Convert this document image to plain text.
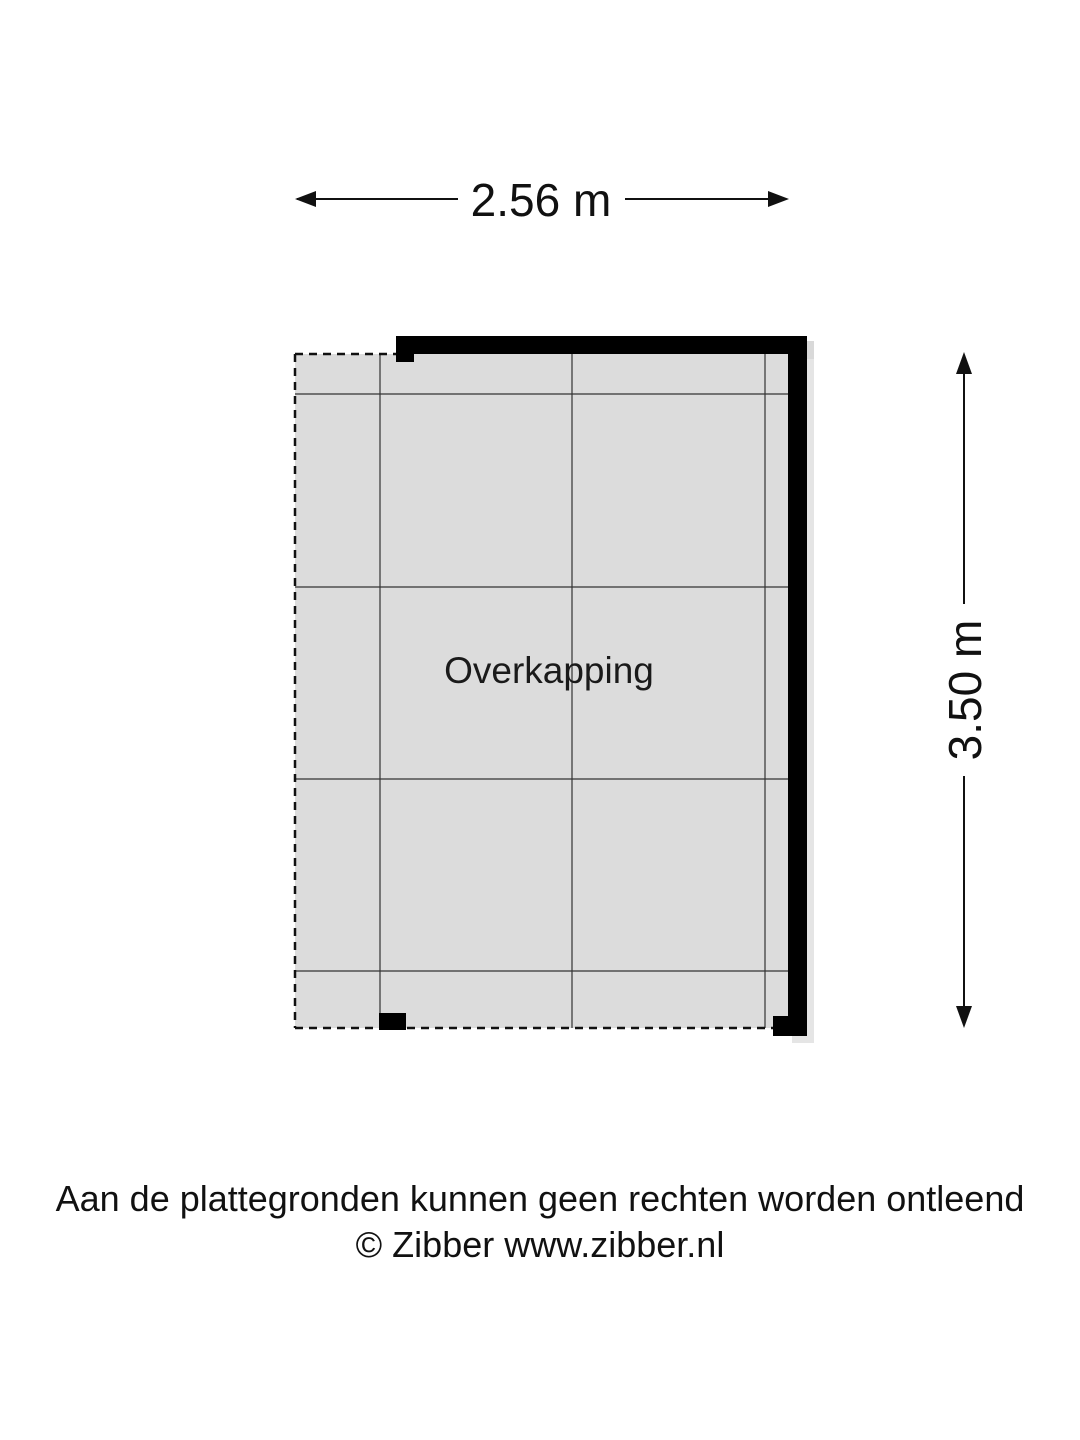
2.56 m
3.50 m
Overkapping
Aan de plattegronden kunnen geen rechten worden ontleend
© Zibber www.zibber.nl
